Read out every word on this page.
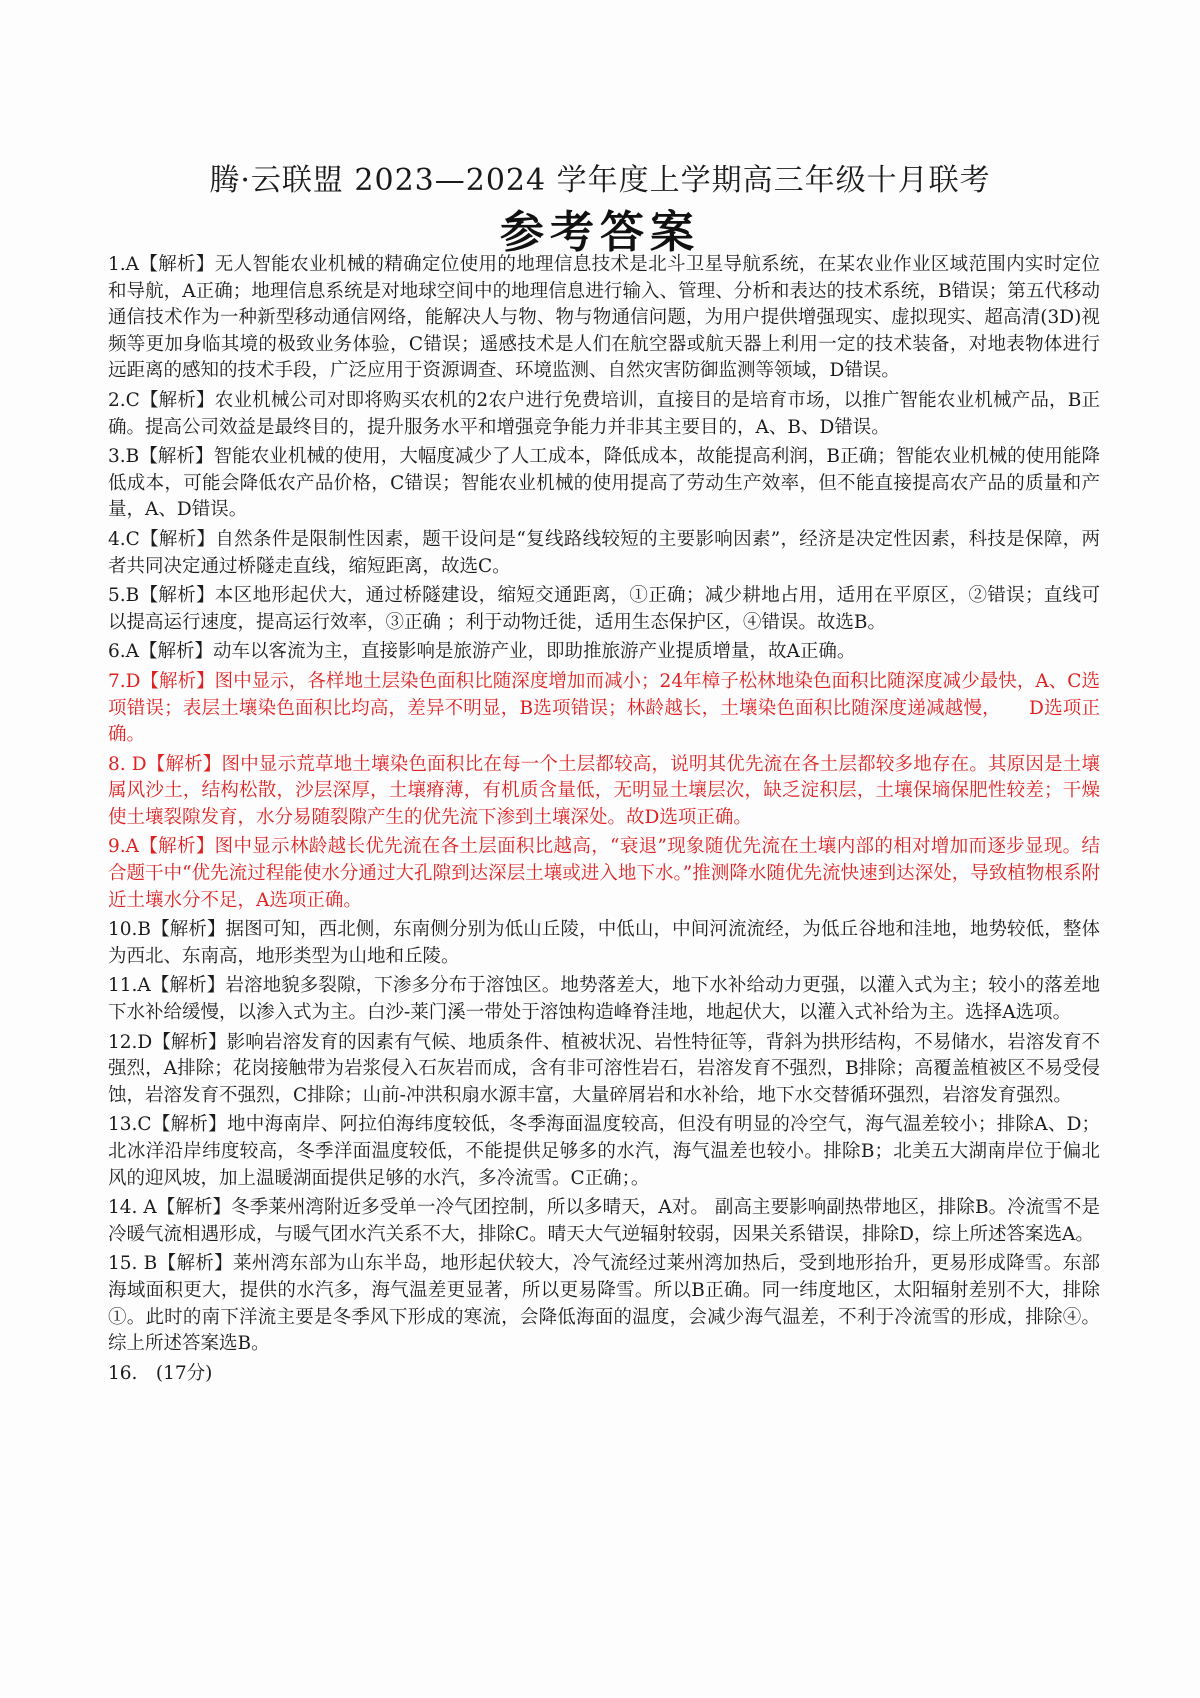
腾·云联盟 2023—2024 学年度上学期高三年级十月联考
参考答案

1.A【解析】无人智能农业机械的精确定位使用的地理信息技术是北斗卫星导航系统，在某农业作业区域范围内实时定位和导航，A正确；地理信息系统是对地球空间中的地理信息进行输入、管理、分析和表达的技术系统，B错误；第五代移动通信技术作为一种新型移动通信网络，能解决人与物、物与物通信问题，为用户提供增强现实、虚拟现实、超高清(3D)视频等更加身临其境的极致业务体验，C错误；遥感技术是人们在航空器或航天器上利用一定的技术装备，对地表物体进行远距离的感知的技术手段，广泛应用于资源调查、环境监测、自然灾害防御监测等领域，D错误。

2.C【解析】农业机械公司对即将购买农机的2农户进行免费培训，直接目的是培育市场，以推广智能农业机械产品，B正确。提高公司效益是最终目的，提升服务水平和增强竞争能力并非其主要目的，A、B、D错误。

3.B【解析】智能农业机械的使用，大幅度减少了人工成本，降低成本，故能提高利润，B正确；智能农业机械的使用能降低成本，可能会降低农产品价格，C错误；智能农业机械的使用提高了劳动生产效率，但不能直接提高农产品的质量和产量，A、D错误。

4.C【解析】自然条件是限制性因素，题干设问是“复线路线较短的主要影响因素”，经济是决定性因素，科技是保障，两者共同决定通过桥隧走直线，缩短距离，故选C。

5.B【解析】本区地形起伏大，通过桥隧建设，缩短交通距离，①正确；减少耕地占用，适用在平原区，②错误；直线可以提高运行速度，提高运行效率，③正确 ；利于动物迁徙，适用生态保护区，④错误。故选B。

6.A【解析】动车以客流为主，直接影响是旅游产业，即助推旅游产业提质增量，故A正确。

7.D【解析】图中显示，各样地土层染色面积比随深度增加而减小；24年樟子松林地染色面积比随深度减少最快，A、C选项错误；表层土壤染色面积比均高，差异不明显，B选项错误；林龄越长，土壤染色面积比随深度递减越慢，　　D选项正确。

8. D【解析】图中显示荒草地土壤染色面积比在每一个土层都较高，说明其优先流在各土层都较多地存在。其原因是土壤属风沙土，结构松散，沙层深厚，土壤瘠薄，有机质含量低，无明显土壤层次，缺乏淀积层，土壤保墒保肥性较差；干燥使土壤裂隙发育，水分易随裂隙产生的优先流下渗到土壤深处。故D选项正确。

9.A【解析】图中显示林龄越长优先流在各土层面积比越高，“衰退”现象随优先流在土壤内部的相对增加而逐步显现。结合题干中“优先流过程能使水分通过大孔隙到达深层土壤或进入地下水。”推测降水随优先流快速到达深处，导致植物根系附近土壤水分不足，A选项正确。

10.B【解析】据图可知，西北侧，东南侧分别为低山丘陵，中低山，中间河流流经，为低丘谷地和洼地，地势较低，整体为西北、东南高，地形类型为山地和丘陵。

11.A【解析】岩溶地貌多裂隙，下渗多分布于溶蚀区。地势落差大，地下水补给动力更强，以灌入式为主；较小的落差地下水补给缓慢，以渗入式为主。白沙-莱门溪一带处于溶蚀构造峰脊洼地，地起伏大，以灌入式补给为主。选择A选项。

12.D【解析】影响岩溶发育的因素有气候、地质条件、植被状况、岩性特征等，背斜为拱形结构，不易储水，岩溶发育不强烈，A排除；花岗接触带为岩浆侵入石灰岩而成，含有非可溶性岩石，岩溶发育不强烈，B排除；高覆盖植被区不易受侵蚀，岩溶发育不强烈，C排除；山前-冲洪积扇水源丰富，大量碎屑岩和水补给，地下水交替循环强烈，岩溶发育强烈。

13.C【解析】地中海南岸、阿拉伯海纬度较低，冬季海面温度较高，但没有明显的冷空气，海气温差较小；排除A、D； 北冰洋沿岸纬度较高，冬季洋面温度较低，不能提供足够多的水汽，海气温差也较小。排除B；北美五大湖南岸位于偏北风的迎风坡，加上温暖湖面提供足够的水汽，多冷流雪。C正确；。

14. A【解析】冬季莱州湾附近多受单一冷气团控制，所以多晴天，A对。 副高主要影响副热带地区，排除B。冷流雪不是冷暖气流相遇形成，与暖气团水汽关系不大，排除C。晴天大气逆辐射较弱，因果关系错误，排除D，综上所述答案选A。

15. B【解析】莱州湾东部为山东半岛，地形起伏较大，冷气流经过莱州湾加热后，受到地形抬升，更易形成降雪。东部海域面积更大，提供的水汽多，海气温差更显著，所以更易降雪。所以B正确。同一纬度地区，太阳辐射差别不大，排除①。此时的南下洋流主要是冬季风下形成的寒流，会降低海面的温度，会减少海气温差，不利于冷流雪的形成，排除④。综上所述答案选B。

16.　(17分)
